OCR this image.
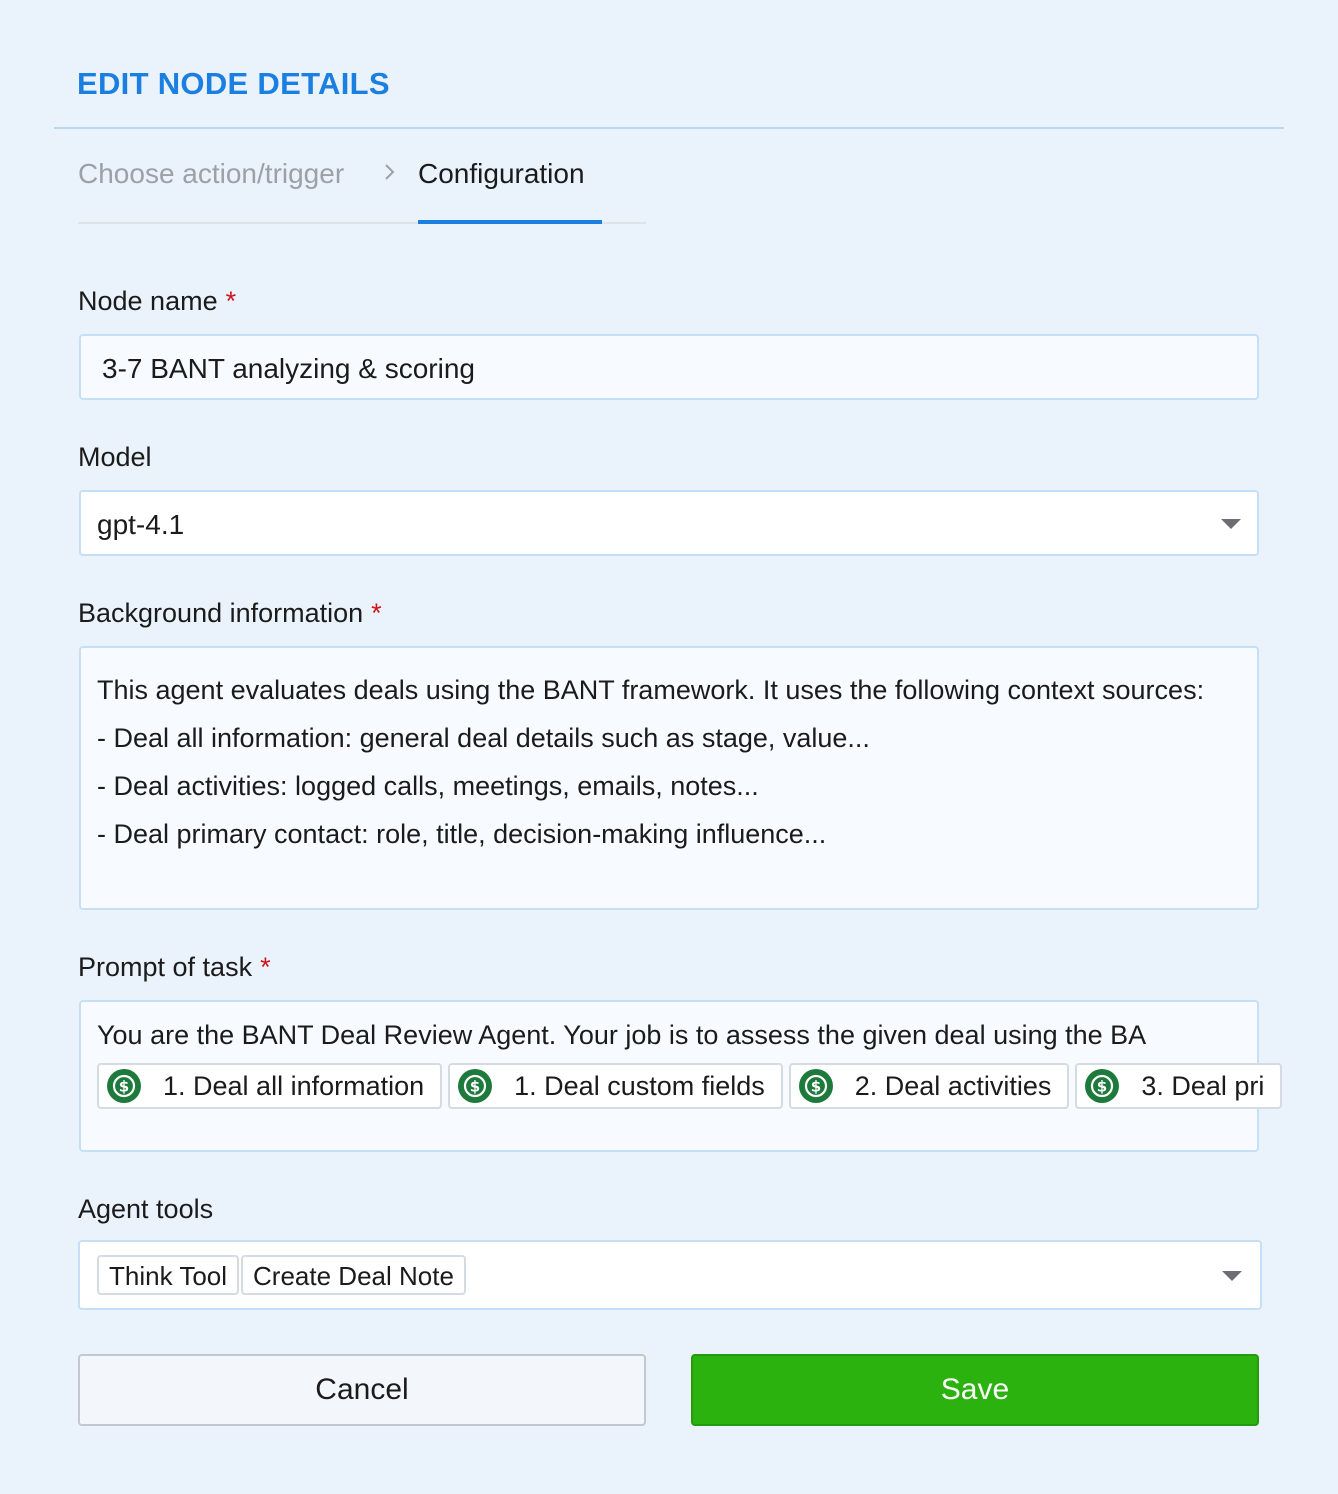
EDIT NODE DETAILS
Choose action/trigger	Configuration
Node name *
3-7 BANT analyzing & scoring
Model
gpt-4.1
Background information *
This agent evaluates deals using the BANT framework. It uses the following context sources:
- Deal all information: general deal details such as stage, value...
- Deal activities: logged calls, meetings, emails, notes...
- Deal primary contact: role, title, decision-making influence...
Prompt of task *
You are the BANT Deal Review Agent. Your job is to assess the given deal using the BA
$ 1. Deal all information	$ 1. Deal custom fields	$ 2. Deal activities	$ 3. Deal pri
Agent tools
Think Tool Create Deal Note
Cancel	Save
